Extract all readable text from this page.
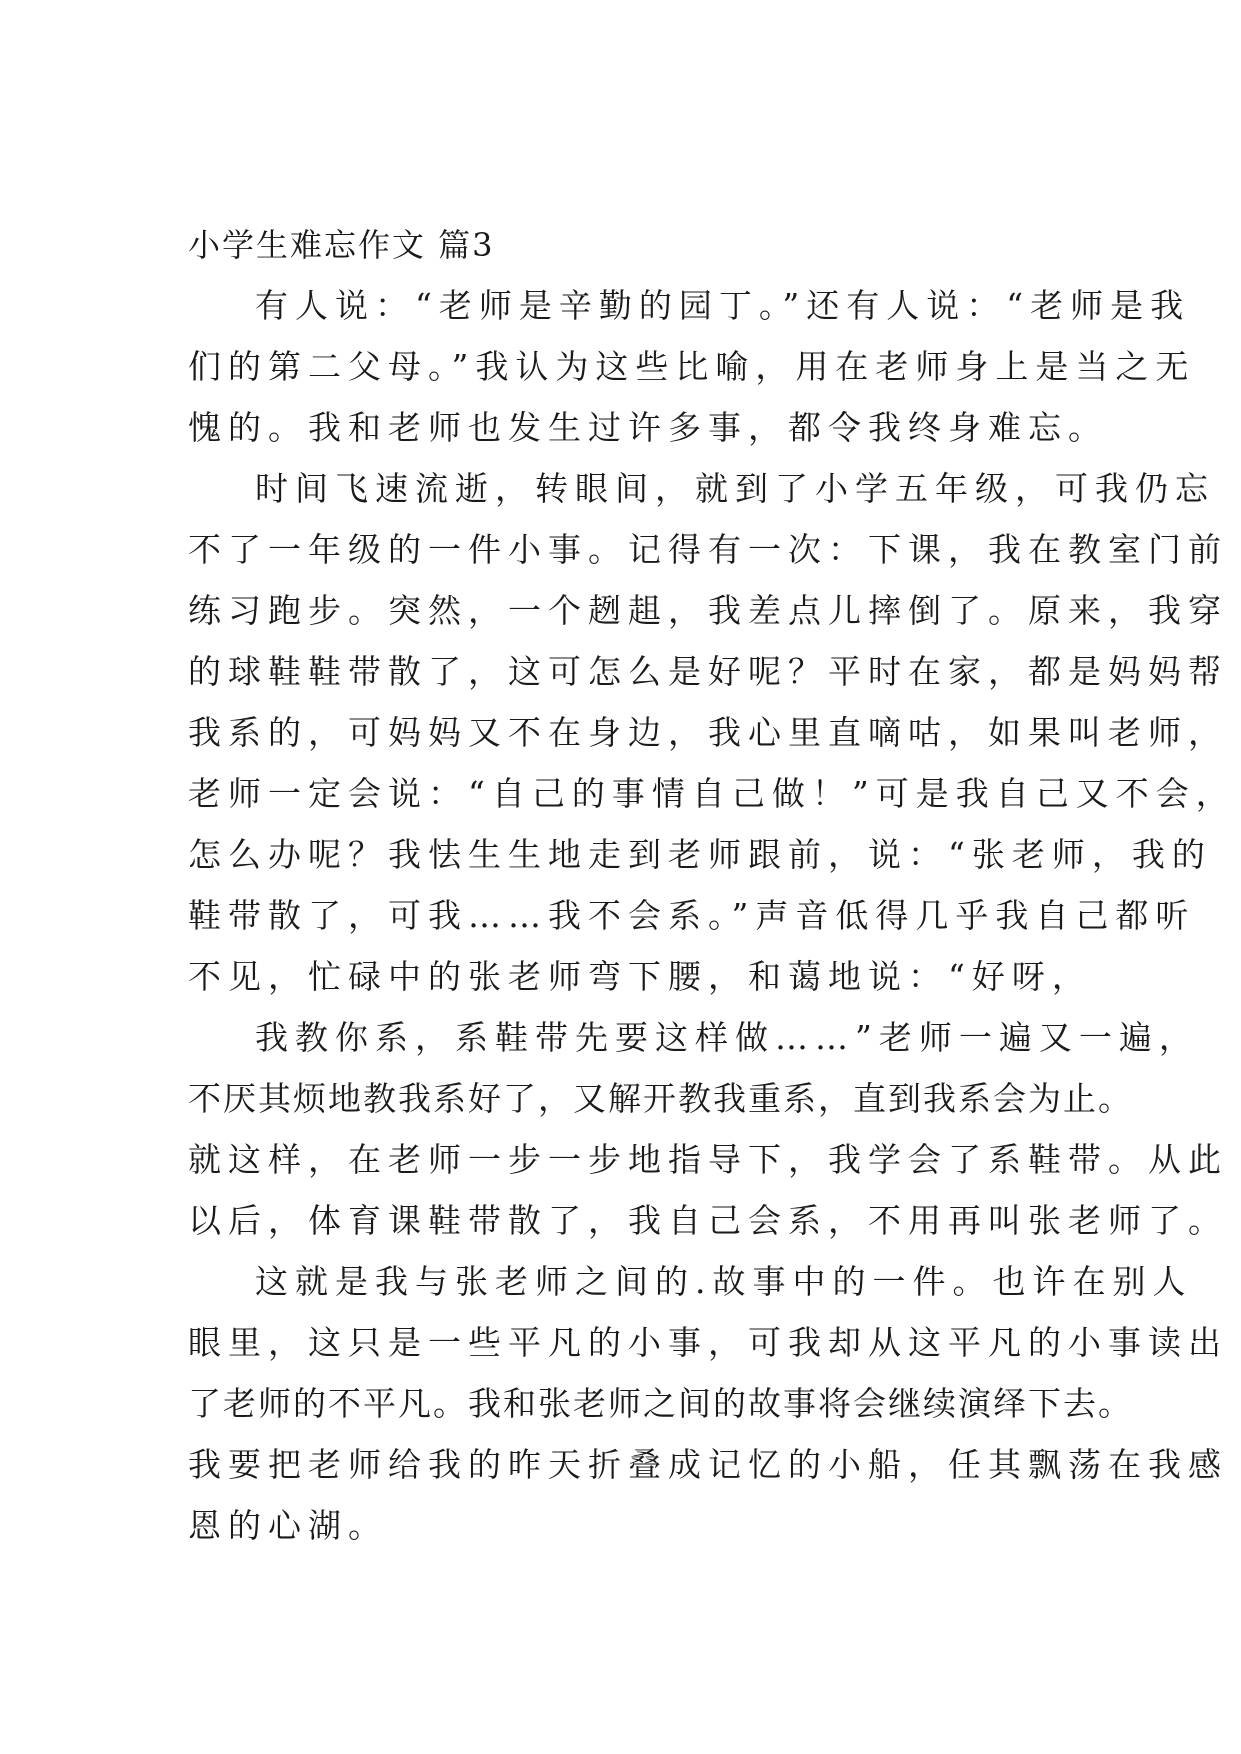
小学生难忘作文 篇3
有人说：“老师是辛勤的园丁。”还有人说：“老师是我
们的第二父母。”我认为这些比喻，用在老师身上是当之无
愧的。我和老师也发生过许多事，都令我终身难忘。
时间飞速流逝，转眼间，就到了小学五年级，可我仍忘
不了一年级的一件小事。记得有一次：下课，我在教室门前
练习跑步。突然，一个趔趄，我差点儿摔倒了。原来，我穿
的球鞋鞋带散了，这可怎么是好呢？平时在家，都是妈妈帮
我系的，可妈妈又不在身边，我心里直嘀咕，如果叫老师，
老师一定会说：“自己的事情自己做！”可是我自己又不会，
怎么办呢？我怯生生地走到老师跟前，说：“张老师，我的
鞋带散了，可我……我不会系。”声音低得几乎我自己都听
不见，忙碌中的张老师弯下腰，和蔼地说：“好呀，
我教你系，系鞋带先要这样做……”老师一遍又一遍，
不厌其烦地教我系好了，又解开教我重系，直到我系会为止。
就这样，在老师一步一步地指导下，我学会了系鞋带。从此
以后，体育课鞋带散了，我自己会系，不用再叫张老师了。
这就是我与张老师之间的.故事中的一件。也许在别人
眼里，这只是一些平凡的小事，可我却从这平凡的小事读出
了老师的不平凡。我和张老师之间的故事将会继续演绎下去。
我要把老师给我的昨天折叠成记忆的小船，任其飘荡在我感
恩的心湖。
